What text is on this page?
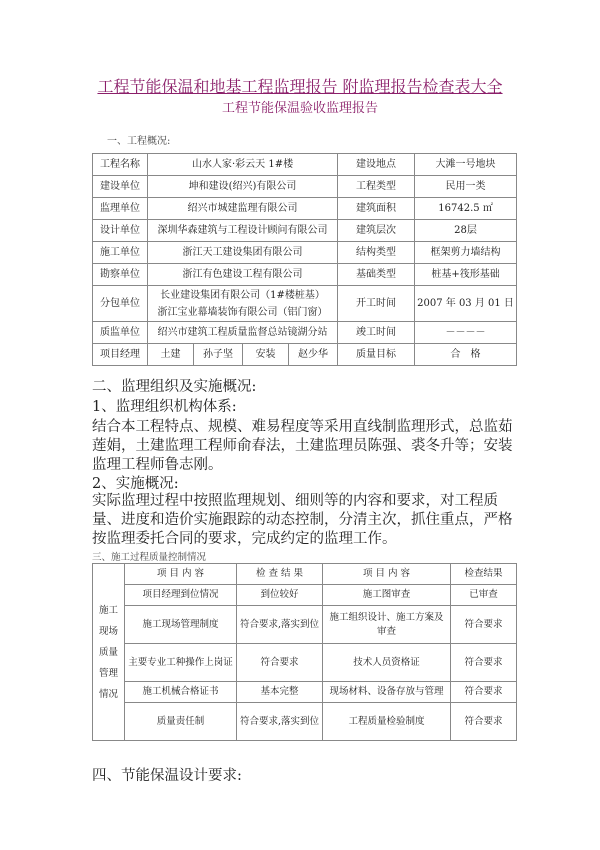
工程节能保温和地基工程监理报告 附监理报告检查表大全
工程节能保温验收监理报告
一、工程概况:
工程名称	山水人家·彩云天 1#楼				建设地点	大滩一号地块
建设单位	坤和建设(绍兴)有限公司				工程类型	民用一类
监理单位	绍兴市城建监理有限公司				建筑面积	16742.5 ㎡
设计单位	深圳华森建筑与工程设计顾问有限公司				建筑层次	28层
施工单位	浙江天工建设集团有限公司				结构类型	框架剪力墙结构
勘察单位	浙江有色建设工程有限公司				基础类型	桩基+筏形基础
分包单位	长业建设集团有限公司（1#楼桩基）
浙江宝业幕墙装饰有限公司（铝门窗）				开工时间	2007 年 03 月 01 日
质监单位	绍兴市建筑工程质量监督总站镜湖分站				竣工时间	－－－－
项目经理	土建	孙子坚	安装	赵少华	质量目标	合　格
二、监理组织及实施概况:
1、监理组织机构体系:
结合本工程特点、规模、难易程度等采用直线制监理形式，总监茹莲娟，土建监理工程师俞春法，土建监理员陈强、裘冬升等；安装监理工程师鲁志刚。
2、实施概况:
实际监理过程中按照监理规划、细则等的内容和要求，对工程质量、进度和造价实施跟踪的动态控制，分清主次，抓住重点，严格按监理委托合同的要求，完成约定的监理工作。
三、施工过程质量控制情况
施工现场质量管理情况	项 目 内 容	检 查 结 果	项 目 内 容	检查结果
	项目经理到位情况	到位较好	施工图审查	已审查
	施工现场管理制度	符合要求,落实到位	施工组织设计、施工方案及审查	符合要求
	主要专业工种操作上岗证	符合要求	技术人员资格证	符合要求
	施工机械合格证书	基本完整	现场材料、设备存放与管理	符合要求
	质量责任制	符合要求,落实到位	工程质量检验制度	符合要求
四、节能保温设计要求:
